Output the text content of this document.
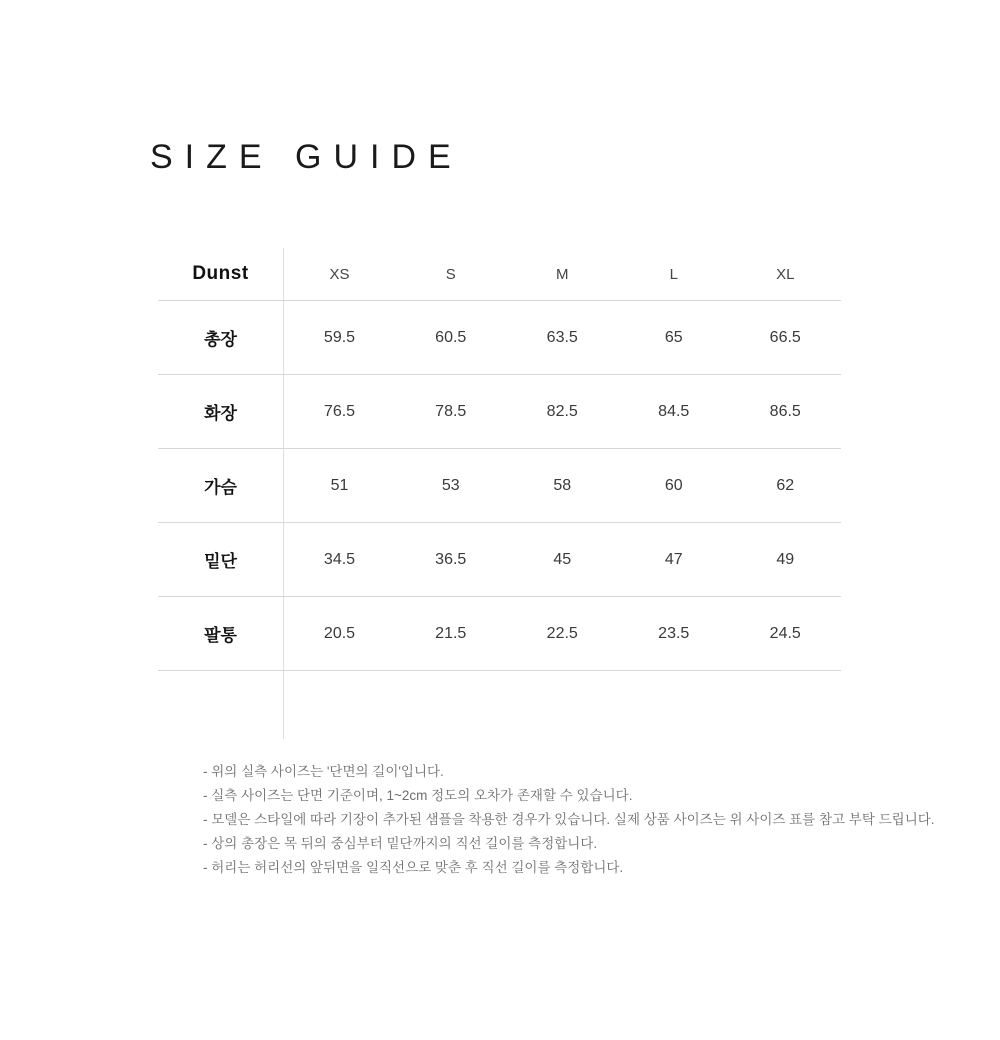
SIZE GUIDE
Dunst	XS	S	M	L	XL
총장	59.5	60.5	63.5	65	66.5
화장	76.5	78.5	82.5	84.5	86.5
가슴	51	53	58	60	62
밑단	34.5	36.5	45	47	49
팔통	20.5	21.5	22.5	23.5	24.5

- 위의 실측 사이즈는 '단면의 길이'입니다.
- 실측 사이즈는 단면 기준이며, 1~2cm 정도의 오차가 존재할 수 있습니다.
- 모델은 스타일에 따라 기장이 추가된 샘플을 착용한 경우가 있습니다. 실제 상품 사이즈는 위 사이즈 표를 참고 부탁 드립니다.
- 상의 총장은 목 뒤의 중심부터 밑단까지의 직선 길이를 측정합니다.
- 허리는 허리선의 앞뒤면을 일직선으로 맞춘 후 직선 길이를 측정합니다.
